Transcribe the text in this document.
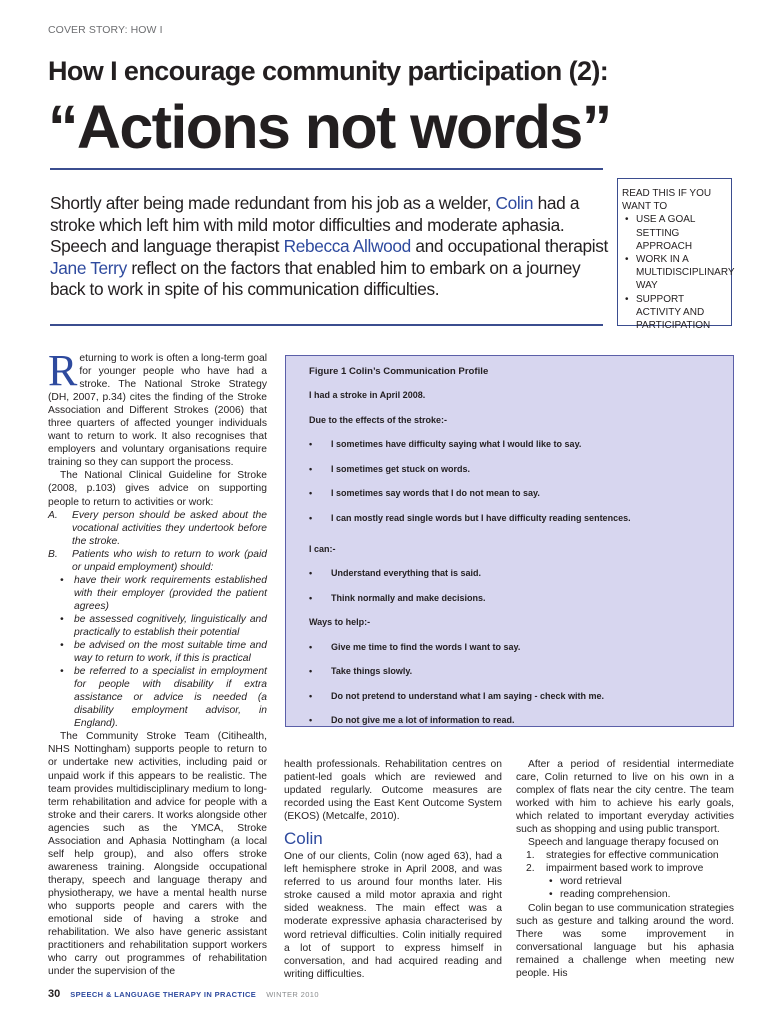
COVER STORY: HOW I
How I encourage community participation (2):
“Actions not words”
Shortly after being made redundant from his job as a welder, Colin had a stroke which left him with mild motor difficulties and moderate aphasia. Speech and language therapist Rebecca Allwood and occupational therapist Jane Terry reflect on the factors that enabled him to embark on a journey back to work in spite of his communication difficulties.
READ THIS IF YOU WANT TO
• USE A GOAL SETTING APPROACH
• WORK IN A MULTIDISCIPLINARY WAY
• SUPPORT ACTIVITY AND PARTICIPATION

Returning to work is often a long-term goal for younger people who have had a stroke. The National Stroke Strategy (DH, 2007, p.34) cites the finding of the Stroke Association and Different Strokes (2006) that three quarters of affected younger individuals want to return to work. It also recognises that employers and voluntary organisations require training so they can support the process.

The National Clinical Guideline for Stroke (2008, p.103) gives advice on supporting people to return to activities or work:

A.	Every person should be asked about the vocational activities they undertook before the stroke.
B.	Patients who wish to return to work (paid or unpaid employment) should:
•	have their work requirements established with their employer (provided the patient agrees)
•	be assessed cognitively, linguistically and practically to establish their potential
•	be advised on the most suitable time and way to return to work, if this is practical
•	be referred to a specialist in employment for people with disability if extra assistance or advice is needed (a disability employment advisor, in England).

The Community Stroke Team (Citihealth, NHS Nottingham) supports people to return to or undertake new activities, including paid or unpaid work if this appears to be realistic. The team provides multidisciplinary medium to long-term rehabilitation and advice for people with a stroke and their carers. It works alongside other agencies such as the YMCA, Stroke Association and Aphasia Nottingham (a local self help group), and also offers stroke awareness training. Alongside occupational therapy, speech and language therapy and physiotherapy, we have a mental health nurse who supports people and carers with the emotional side of having a stroke and rehabilitation. We also have generic assistant practitioners and rehabilitation support workers who carry out programmes of rehabilitation under the supervision of the

Figure 1 Colin’s Communication Profile
I had a stroke in April 2008.
Due to the effects of the stroke:-
•	I sometimes have difficulty saying what I would like to say.
•	I sometimes get stuck on words.
•	I sometimes say words that I do not mean to say.
•	I can mostly read single words but I have difficulty reading sentences.
I can:-
•	Understand everything that is said.
•	Think normally and make decisions.
Ways to help:-
•	Give me time to find the words I want to say.
•	Take things slowly.
•	Do not pretend to understand what I am saying - check with me.
•	Do not give me a lot of information to read.

health professionals. Rehabilitation centres on patient-led goals which are reviewed and updated regularly. Outcome measures are recorded using the East Kent Outcome System (EKOS) (Metcalfe, 2010).

Colin

One of our clients, Colin (now aged 63), had a left hemisphere stroke in April 2008, and was referred to us around four months later. His stroke caused a mild motor apraxia and right sided weakness. The main effect was a moderate expressive aphasia characterised by word retrieval difficulties. Colin initially required a lot of support to express himself in conversation, and had acquired reading and writing difficulties.

After a period of residential intermediate care, Colin returned to live on his own in a complex of flats near the city centre. The team worked with him to achieve his early goals, which related to important everyday activities such as shopping and using public transport.

Speech and language therapy focused on

1.	strategies for effective communication
2.	impairment based work to improve
• word retrieval
• reading comprehension.

Colin began to use communication strategies such as gesture and talking around the word. There was some improvement in conversational language but his aphasia remained a challenge when meeting new people. His

30 SPEECH & LANGUAGE THERAPY IN PRACTICE WINTER 2010
